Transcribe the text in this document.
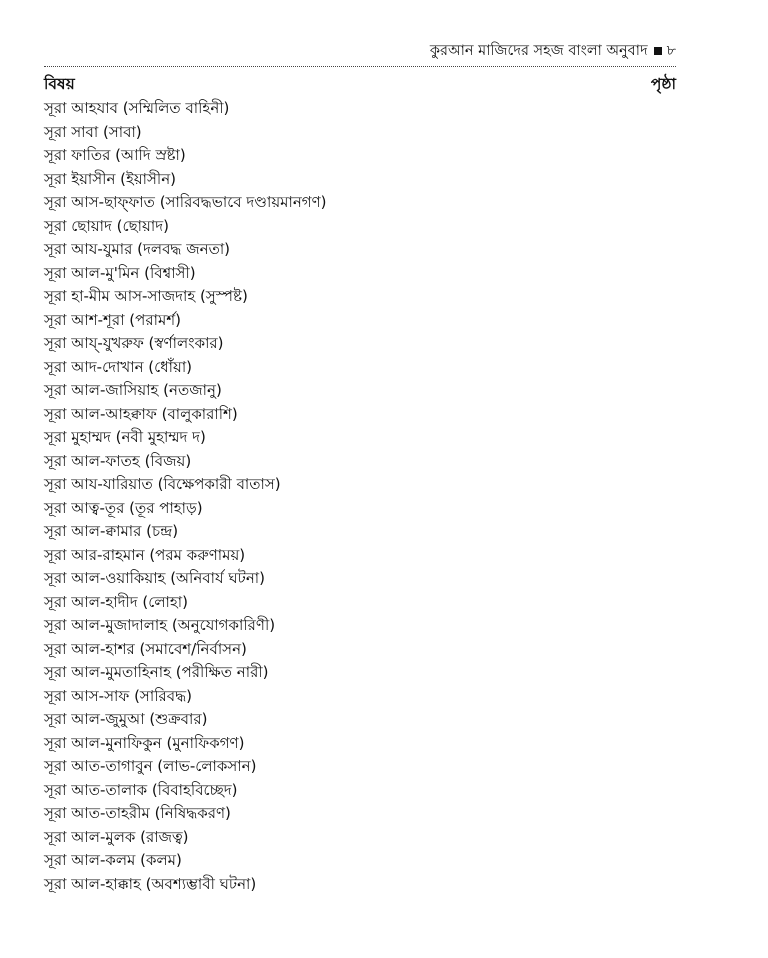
কুরআন মাজিদের সহজ বাংলা অনুবাদ ৮
বিষয়	পৃষ্ঠা
সূরা আহযাব (সম্মিলিত বাহিনী)
সূরা সাবা (সাবা)
সূরা ফাতির (আদি স্রষ্টা)
সূরা ইয়াসীন (ইয়াসীন)
সূরা আস-ছাফ্‌ফাত (সারিবদ্ধভাবে দণ্ডায়মানগণ)
সূরা ছোয়াদ (ছোয়াদ)
সূরা আয-যুমার (দলবদ্ধ জনতা)
সূরা আল-মু'মিন (বিশ্বাসী)
সূরা হা-মীম আস-সাজদাহ (সুস্পষ্ট)
সূরা আশ-শূরা (পরামর্শ)
সূরা আয্‌-যুখরুফ (স্বর্ণালংকার)
সূরা আদ-দোখান (ধোঁয়া)
সূরা আল-জাসিয়াহ (নতজানু)
সূরা আল-আহক্বাফ (বালুকারাশি)
সূরা মুহাম্মদ (নবী মুহাম্মদ দ)
সূরা আল-ফাতহ (বিজয়)
সূরা আয-যারিয়াত (বিক্ষেপকারী বাতাস)
সূরা আত্ব-তূর (তূর পাহাড়)
সূরা আল-ক্বামার (চন্দ্র)
সূরা আর-রাহমান (পরম করুণাময়)
সূরা আল-ওয়াকিয়াহ (অনিবার্য ঘটনা)
সূরা আল-হাদীদ (লোহা)
সূরা আল-মুজাদালাহ (অনুযোগকারিণী)
সূরা আল-হাশর (সমাবেশ/নির্বাসন)
সূরা আল-মুমতাহিনাহ (পরীক্ষিত নারী)
সূরা আস-সাফ (সারিবদ্ধ)
সূরা আল-জুমুআ (শুক্রবার)
সূরা আল-মুনাফিকুন (মুনাফিকগণ)
সূরা আত-তাগাবুন (লাভ-লোকসান)
সূরা আত-তালাক (বিবাহবিচ্ছেদ)
সূরা আত-তাহরীম (নিষিদ্ধকরণ)
সূরা আল-মুলক (রাজত্ব)
সূরা আল-কলম (কলম)
সূরা আল-হাক্কাহ (অবশ্যম্ভাবী ঘটনা)
